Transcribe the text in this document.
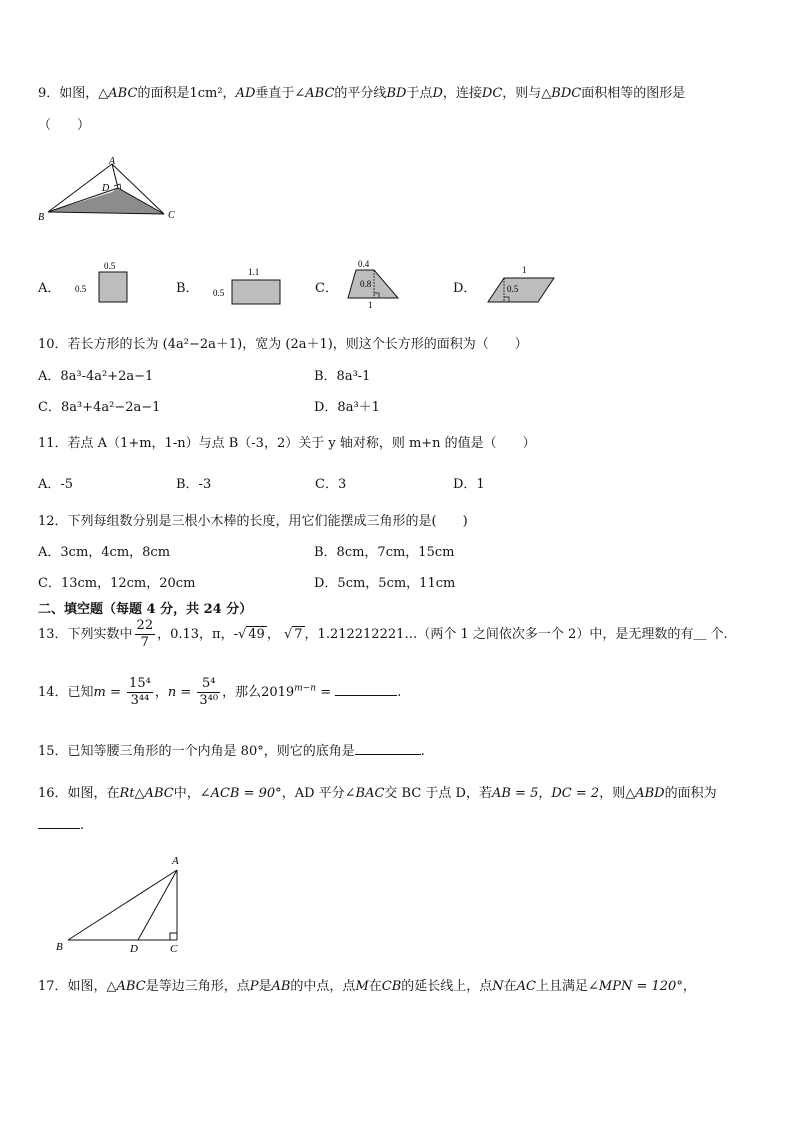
9．如图，△ABC的面积是1cm²，AD垂直于∠ABC的平分线BD于点D，连接DC，则与△BDC面积相等的图形是
（　　）
A
D
B	C
A．
0.5
0.5	B．
1.1
0.5	C．
0.4
0.8
1
D．
1
0.5
10．若长方形的长为 (4a²−2a＋1)，宽为 (2a＋1)，则这个长方形的面积为（　　）
A．8a³-4a²+2a−1	B．8a³-1
C．8a³+4a²−2a−1	D．8a³＋1
11．若点 A（1+m，1-n）与点 B（-3，2）关于 y 轴对称，则 m+n 的值是（　　）
A．-5	B．-3	C．3	D．1
12．下列每组数分别是三根小木棒的长度，用它们能摆成三角形的是(　　)
A．3cm，4cm，8cm	B．8cm，7cm，15cm
C．13cm，12cm，20cm	D．5cm，5cm，11cm
二、填空题（每题 4 分，共 24 分）
13．下列实数中 $\frac{22}{7}$ ，0.13，π，-√ 49 ， √ 7 ，1.212212221…（两个 1 之间依次多一个 2）中，是无理数的有＿ 个.
14．已知$m = \frac{\text{15⁴}}{\text{3⁴⁴}}$ ，$n = \frac{\text{5⁴}}{\text{3⁴⁰}}$ ，那么$2019^{m-n}$ =	.
15．已知等腰三角形的一个内角是 80°，则它的底角是	.
16．如图，在Rt△ABC中，∠ACB = 90°，AD 平分∠BAC交 BC 于点 D，若AB = 5，DC = 2，则△ABD的面积为
.
A
B	D	C
17．如图，△ABC是等边三角形，点P是AB的中点，点M在CB的延长线上，点N在AC上且满足∠MPN = 120°，
